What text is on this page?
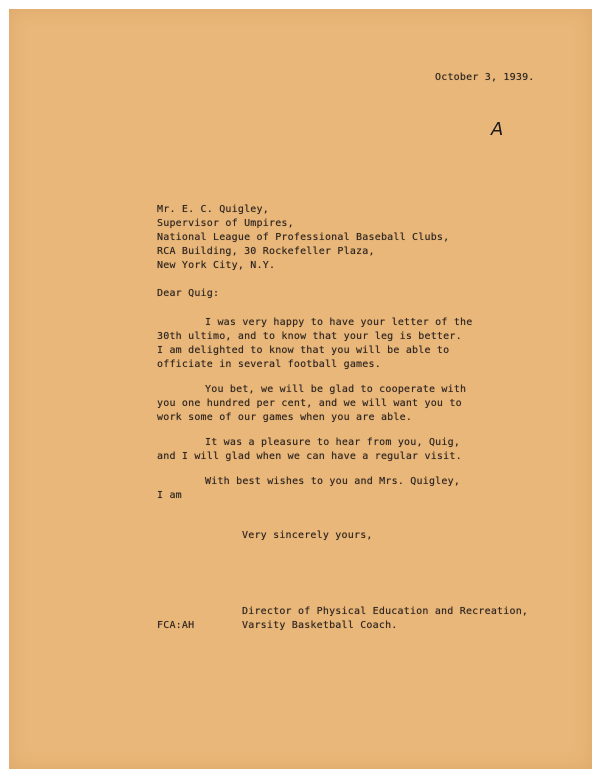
October 3, 1939.
A
Mr. E. C. Quigley,
Supervisor of Umpires,
National League of Professional Baseball Clubs,
RCA Building, 30 Rockefeller Plaza,
New York City, N.Y.
Dear Quig:
I was very happy to have your letter of the
30th ultimo, and to know that your leg is better.
I am delighted to know that you will be able to
officiate in several football games.
You bet, we will be glad to cooperate with
you one hundred per cent, and we will want you to
work some of our games when you are able.
It was a pleasure to hear from you, Quig,
and I will glad when we can have a regular visit.
With best wishes to you and Mrs. Quigley,
I am
Very sincerely yours,
Director of Physical Education and Recreation,
FCA:AH	Varsity Basketball Coach.
